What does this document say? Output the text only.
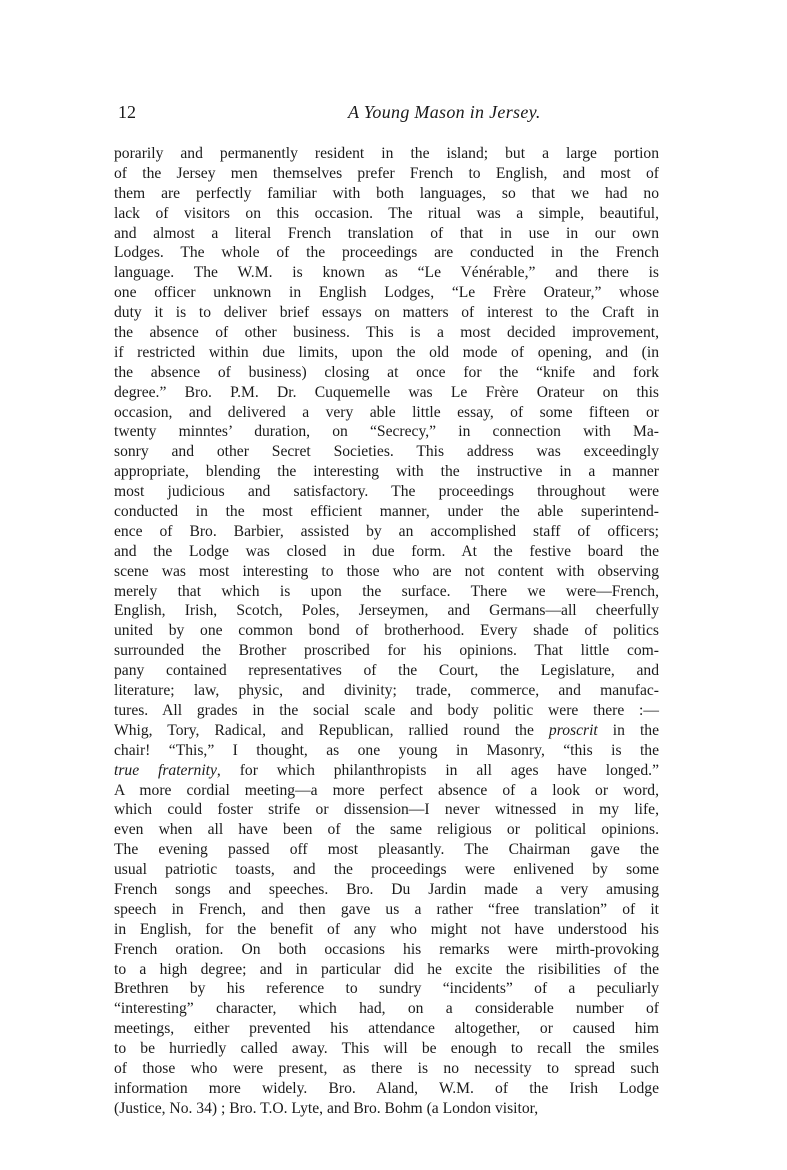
12	A Young Mason in Jersey.
porarily and permanently resident in the island; but a large portion
of the Jersey men themselves prefer French to English, and most of
them are perfectly familiar with both languages, so that we had no
lack of visitors on this occasion. The ritual was a simple, beautiful,
and almost a literal French translation of that in use in our own
Lodges. The whole of the proceedings are conducted in the French
language. The W.M. is known as “Le Vénérable,” and there is
one officer unknown in English Lodges, “Le Frère Orateur,” whose
duty it is to deliver brief essays on matters of interest to the Craft in
the absence of other business. This is a most decided improvement,
if restricted within due limits, upon the old mode of opening, and (in
the absence of business) closing at once for the “knife and fork
degree.” Bro. P.M. Dr. Cuquemelle was Le Frère Orateur on this
occasion, and delivered a very able little essay, of some fifteen or
twenty minntes’ duration, on “Secrecy,” in connection with Ma-
sonry and other Secret Societies. This address was exceedingly
appropriate, blending the interesting with the instructive in a manner
most judicious and satisfactory. The proceedings throughout were
conducted in the most efficient manner, under the able superintend-
ence of Bro. Barbier, assisted by an accomplished staff of officers;
and the Lodge was closed in due form. At the festive board the
scene was most interesting to those who are not content with observing
merely that which is upon the surface. There we were—French,
English, Irish, Scotch, Poles, Jerseymen, and Germans—all cheerfully
united by one common bond of brotherhood. Every shade of politics
surrounded the Brother proscribed for his opinions. That little com-
pany contained representatives of the Court, the Legislature, and
literature; law, physic, and divinity; trade, commerce, and manufac-
tures. All grades in the social scale and body politic were there :—
Whig, Tory, Radical, and Republican, rallied round the proscrit in the
chair! “This,” I thought, as one young in Masonry, “this is the
true fraternity, for which philanthropists in all ages have longed.”
A more cordial meeting—a more perfect absence of a look or word,
which could foster strife or dissension—I never witnessed in my life,
even when all have been of the same religious or political opinions.
The evening passed off most pleasantly. The Chairman gave the
usual patriotic toasts, and the proceedings were enlivened by some
French songs and speeches. Bro. Du Jardin made a very amusing
speech in French, and then gave us a rather “free translation” of it
in English, for the benefit of any who might not have understood his
French oration. On both occasions his remarks were mirth-provoking
to a high degree; and in particular did he excite the risibilities of the
Brethren by his reference to sundry “incidents” of a peculiarly
“interesting” character, which had, on a considerable number of
meetings, either prevented his attendance altogether, or caused him
to be hurriedly called away. This will be enough to recall the smiles
of those who were present, as there is no necessity to spread such
information more widely. Bro. Aland, W.M. of the Irish Lodge
(Justice, No. 34) ; Bro. T.O. Lyte, and Bro. Bohm (a London visitor,
